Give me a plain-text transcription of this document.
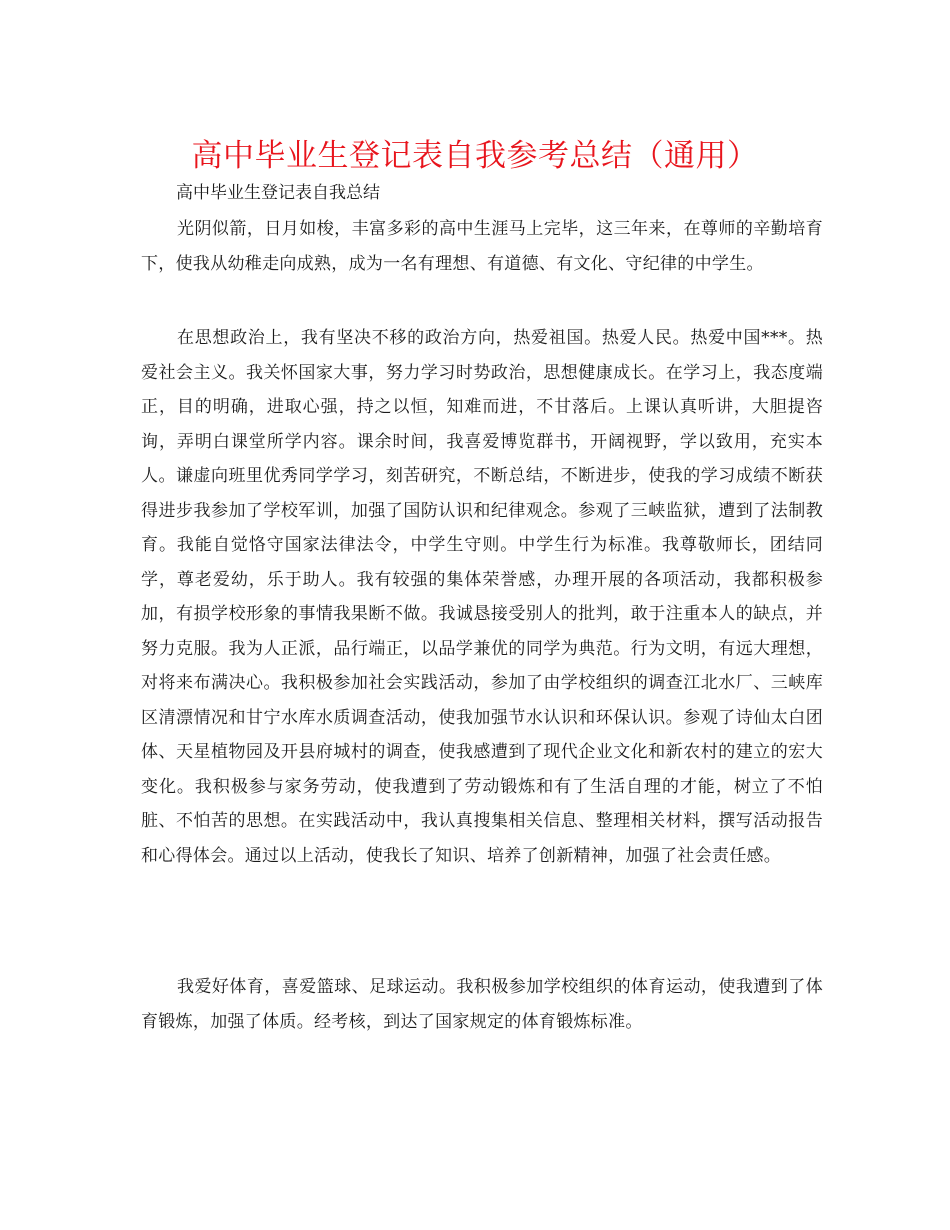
高中毕业生登记表自我参考总结（通用）

高中毕业生登记表自我总结

光阴似箭，日月如梭，丰富多彩的高中生涯马上完毕，这三年来，在尊师的辛勤培育下，使我从幼稚走向成熟，成为一名有理想、有道德、有文化、守纪律的中学生。

在思想政治上，我有坚决不移的政治方向，热爱祖国。热爱人民。热爱中国***。热爱社会主义。我关怀国家大事，努力学习时势政治，思想健康成长。在学习上，我态度端正，目的明确，进取心强，持之以恒，知难而进，不甘落后。上课认真听讲，大胆提咨询，弄明白课堂所学内容。课余时间，我喜爱博览群书，开阔视野，学以致用，充实本人。谦虚向班里优秀同学学习，刻苦研究，不断总结，不断进步，使我的学习成绩不断获得进步我参加了学校军训，加强了国防认识和纪律观念。参观了三峡监狱，遭到了法制教育。我能自觉恪守国家法律法令，中学生守则。中学生行为标准。我尊敬师长，团结同学，尊老爱幼，乐于助人。我有较强的集体荣誉感，办理开展的各项活动，我都积极参加，有损学校形象的事情我果断不做。我诚恳接受别人的批判，敢于注重本人的缺点，并努力克服。我为人正派，品行端正，以品学兼优的同学为典范。行为文明，有远大理想，对将来布满决心。我积极参加社会实践活动，参加了由学校组织的调查江北水厂、三峡库区清漂情况和甘宁水库水质调查活动，使我加强节水认识和环保认识。参观了诗仙太白团体、天星植物园及开县府城村的调查，使我感遭到了现代企业文化和新农村的建立的宏大变化。我积极参与家务劳动，使我遭到了劳动锻炼和有了生活自理的才能，树立了不怕脏、不怕苦的思想。在实践活动中，我认真搜集相关信息、整理相关材料，撰写活动报告和心得体会。通过以上活动，使我长了知识、培养了创新精神，加强了社会责任感。

我爱好体育，喜爱篮球、足球运动。我积极参加学校组织的体育运动，使我遭到了体育锻炼，加强了体质。经考核，到达了国家规定的体育锻炼标准。
